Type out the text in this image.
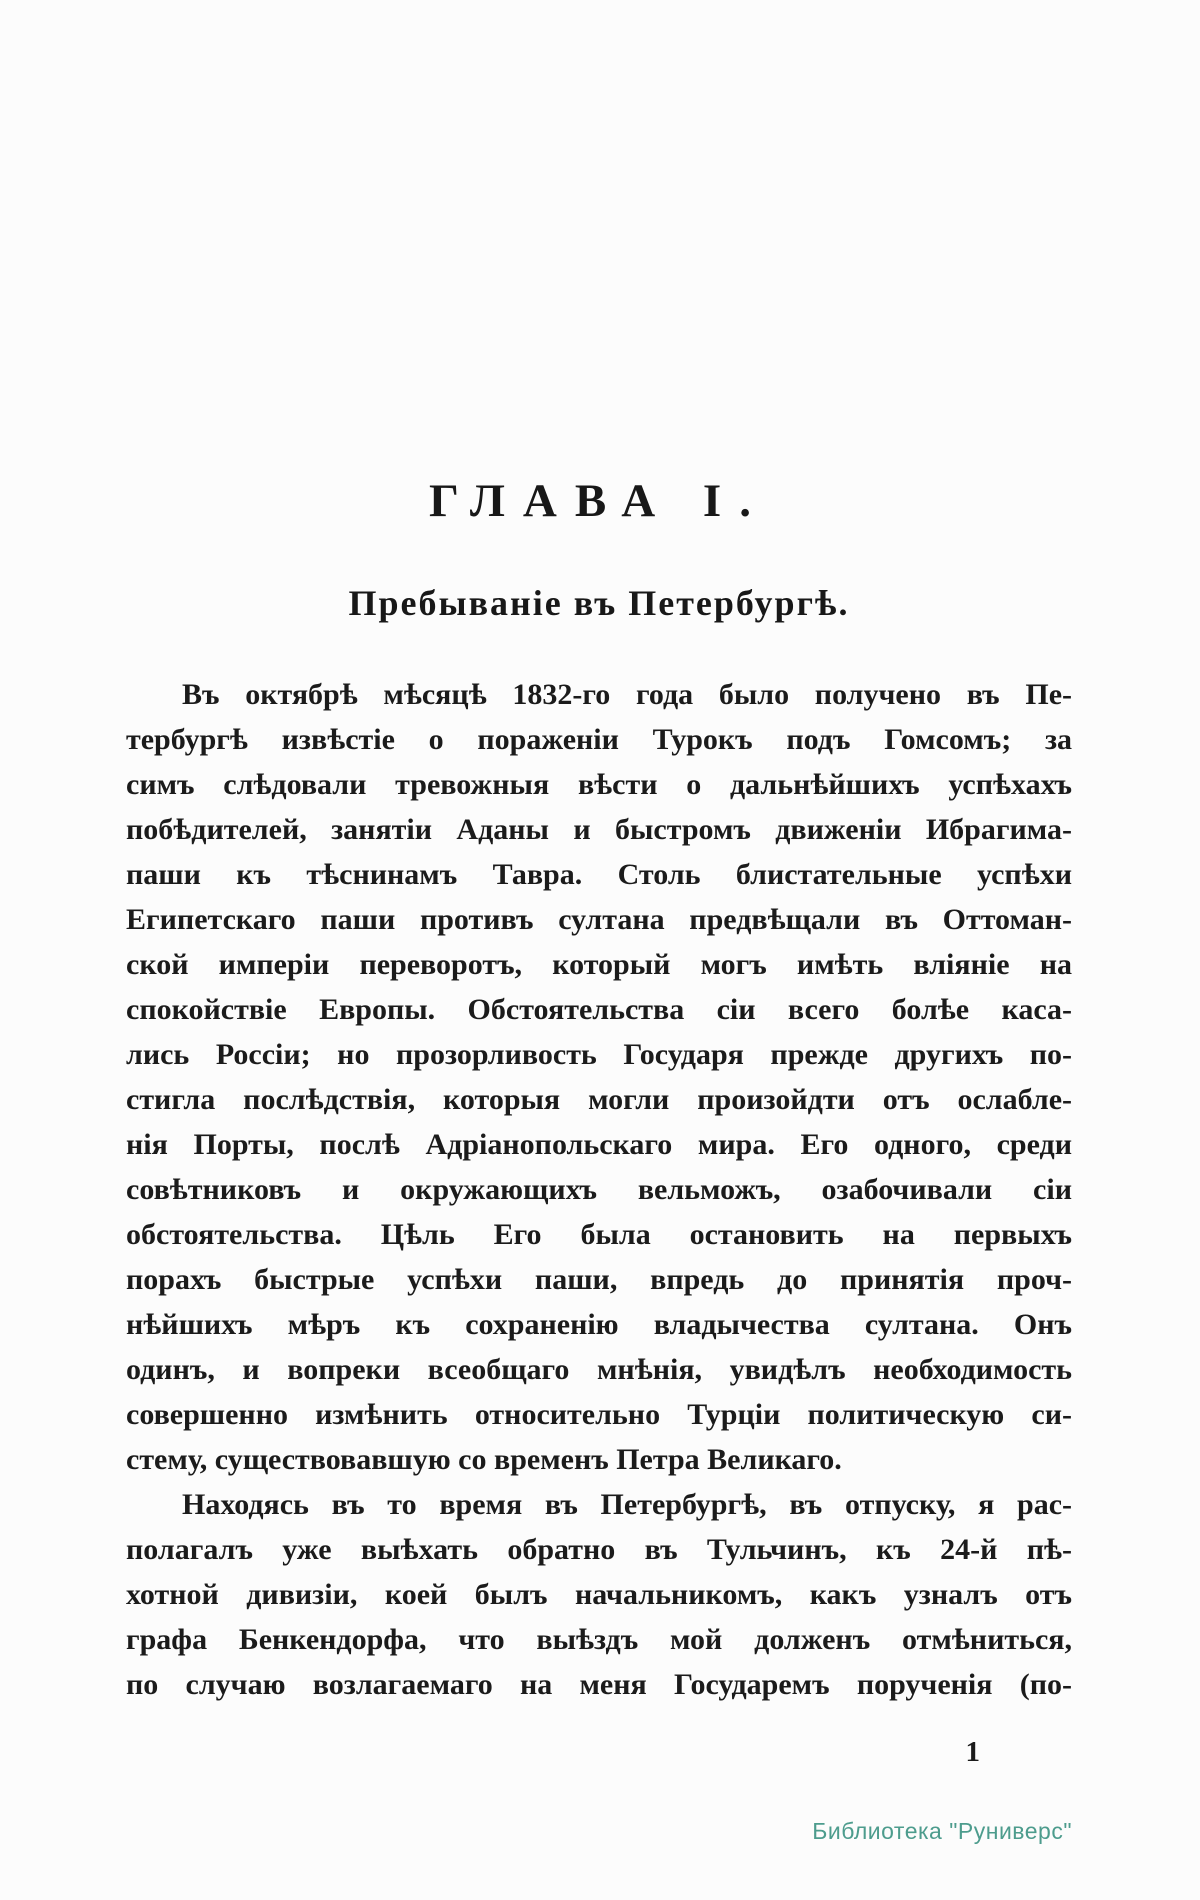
ГЛАВА I.
Пребываніе въ Петербургѣ.
Въ октябрѣ мѣсяцѣ 1832-го года было получено въ Пе-
тербургѣ извѣстіе о пораженіи Турокъ подъ Гомсомъ; за
симъ слѣдовали тревожныя вѣсти о дальнѣйшихъ успѣхахъ
побѣдителей, занятіи Аданы и быстромъ движеніи Ибрагима-
паши къ тѣснинамъ Тавра. Столь блистательные успѣхи
Египетскаго паши противъ султана предвѣщали въ Оттоман-
ской имперіи переворотъ, который могъ имѣть вліяніе на
спокойствіе Европы. Обстоятельства сіи всего болѣе каса-
лись Россіи; но прозорливость Государя прежде другихъ по-
стигла послѣдствія, которыя могли произойдти отъ ослабле-
нія Порты, послѣ Адріанопольскаго мира. Его одного, среди
совѣтниковъ и окружающихъ вельможъ, озабочивали сіи
обстоятельства. Цѣль Его была остановить на первыхъ
порахъ быстрые успѣхи паши, впредь до принятія проч-
нѣйшихъ мѣръ къ сохраненію владычества султана. Онъ
одинъ, и вопреки всеобщаго мнѣнія, увидѣлъ необходимость
совершенно измѣнить относительно Турціи политическую си-
стему, существовавшую со временъ Петра Великаго.
Находясь въ то время въ Петербургѣ, въ отпуску, я рас-
полагалъ уже выѣхать обратно въ Тульчинъ, къ 24-й пѣ-
хотной дивизіи, коей былъ начальникомъ, какъ узналъ отъ
графа Бенкендорфа, что выѣздъ мой долженъ отмѣниться,
по случаю возлагаемаго на меня Государемъ порученія (по-
1
Библиотека "Руниверс"
